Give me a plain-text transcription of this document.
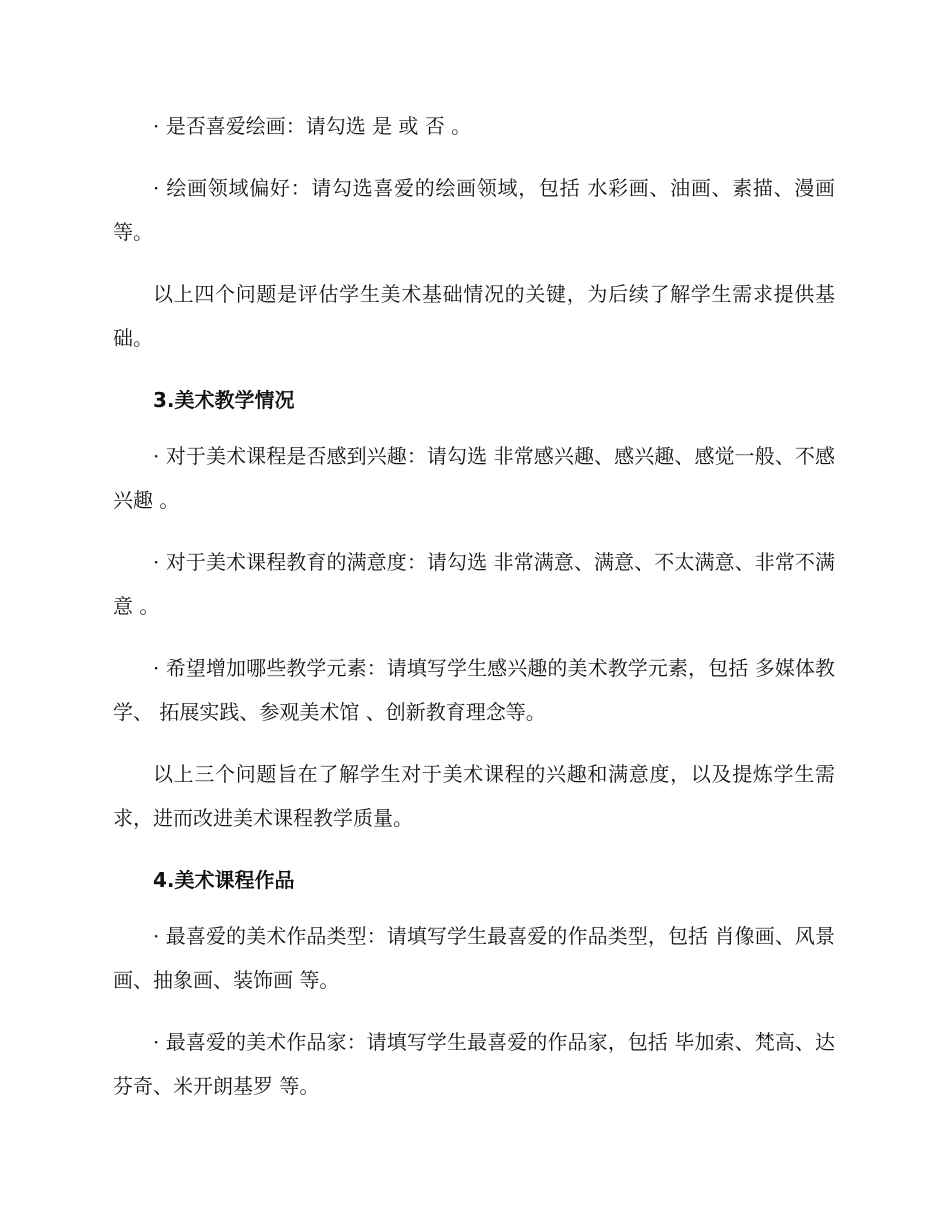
· 是否喜爱绘画：请勾选 是 或 否 。

· 绘画领域偏好：请勾选喜爱的绘画领域，包括 水彩画、油画、素描、漫画 等。

以上四个问题是评估学生美术基础情况的关键，为后续了解学生需求提供基础。

3.美术教学情况

· 对于美术课程是否感到兴趣：请勾选 非常感兴趣、感兴趣、感觉一般、不感兴趣 。

· 对于美术课程教育的满意度：请勾选 非常满意、满意、不太满意、非常不满意 。

· 希望增加哪些教学元素：请填写学生感兴趣的美术教学元素，包括 多媒体教学、 拓展实践、参观美术馆 、创新教育理念等。

以上三个问题旨在了解学生对于美术课程的兴趣和满意度，以及提炼学生需求，进而改进美术课程教学质量。

4.美术课程作品

· 最喜爱的美术作品类型：请填写学生最喜爱的作品类型，包括 肖像画、风景画、抽象画、装饰画 等。

· 最喜爱的美术作品家：请填写学生最喜爱的作品家，包括 毕加索、梵高、达芬奇、米开朗基罗 等。
